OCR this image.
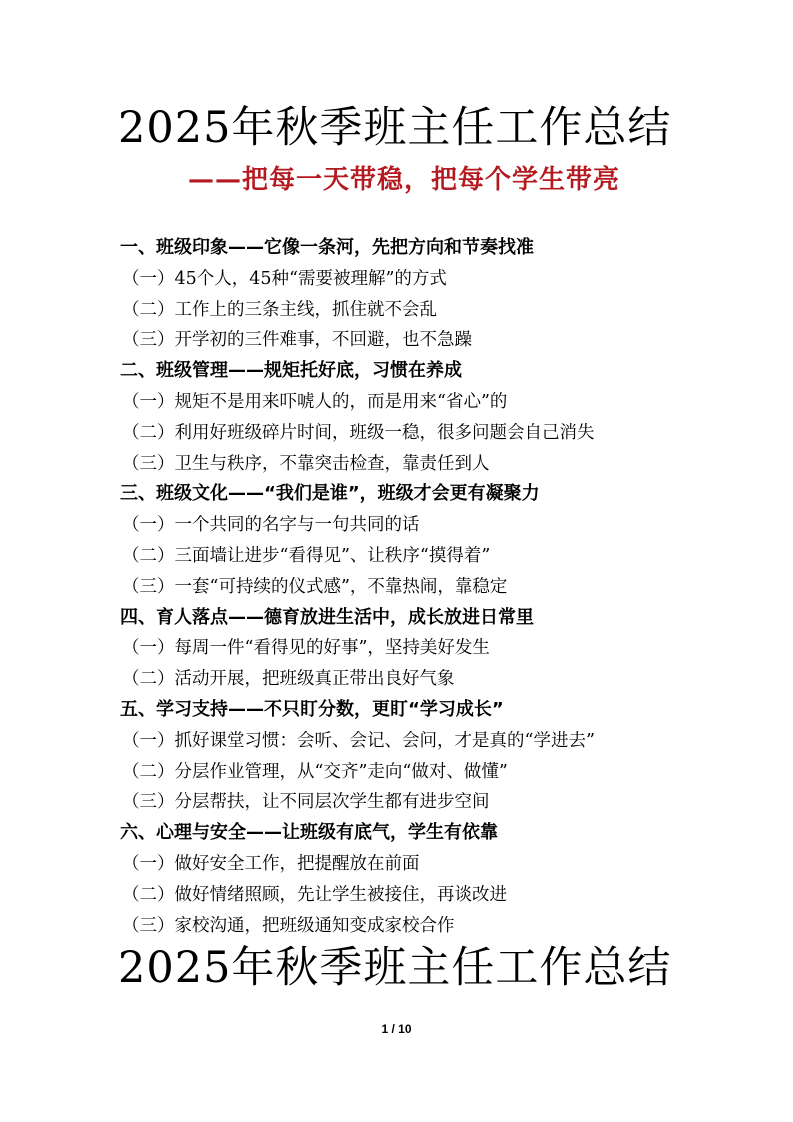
2025年秋季班主任工作总结
——把每一天带稳，把每个学生带亮
一、班级印象——它像一条河，先把方向和节奏找准
（一）45个人，45种“需要被理解”的方式
（二）工作上的三条主线，抓住就不会乱
（三）开学初的三件难事，不回避，也不急躁
二、班级管理——规矩托好底，习惯在养成
（一）规矩不是用来吓唬人的，而是用来“省心”的
（二）利用好班级碎片时间，班级一稳，很多问题会自己消失
（三）卫生与秩序，不靠突击检查，靠责任到人
三、班级文化——“我们是谁”，班级才会更有凝聚力
（一）一个共同的名字与一句共同的话
（二）三面墙让进步“看得见”、让秩序“摸得着”
（三）一套“可持续的仪式感”，不靠热闹，靠稳定
四、育人落点——德育放进生活中，成长放进日常里
（一）每周一件“看得见的好事”，坚持美好发生
（二）活动开展，把班级真正带出良好气象
五、学习支持——不只盯分数，更盯“学习成长”
（一）抓好课堂习惯：会听、会记、会问，才是真的“学进去”
（二）分层作业管理，从“交齐”走向“做对、做懂”
（三）分层帮扶，让不同层次学生都有进步空间
六、心理与安全——让班级有底气，学生有依靠
（一）做好安全工作，把提醒放在前面
（二）做好情绪照顾，先让学生被接住，再谈改进
（三）家校沟通，把班级通知变成家校合作
2025年秋季班主任工作总结
1 / 10
